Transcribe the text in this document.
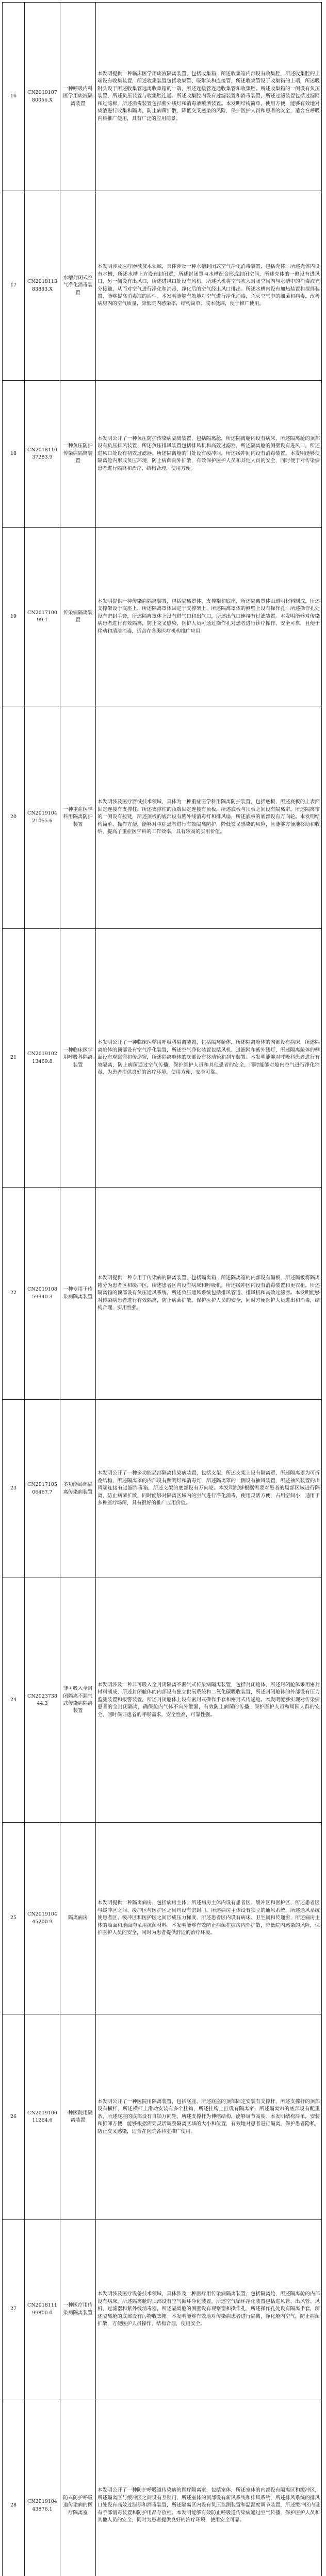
16	CN201910780056.X	一种呼吸内科医学用痰液隔离装置	本发明提供一种临床医学用痰液隔离装置，包括收集箱，所述收集箱内部设有收集腔，所述收集腔的上端设有收集装置，所述收集装置包括收集管、吸附头和连接管，所述收集管设于收集箱的上端，所述吸附头设于所述收集管远离收集箱的一端，所述连接管连通收集管和收集腔。所述收集箱的一侧设有负压装置，所述负压装置与收集腔连通。所述收集腔内设有过滤装置和消毒装置，所述过滤装置包括过滤网和过滤棉，所述消毒装置包括紫外线灯和消毒液喷洒装置。本发明结构简单，使用方便，能够有效地对痰液进行收集和隔离，防止病菌扩散，降低交叉感染的风险，保护医护人员和患者的安全，适合在呼吸内科推广使用，具有广泛的应用前景。

17	CN201811383883.X	水槽封闭式空气净化消毒装置	本发明涉及医疗器械技术领域，具体涉及一种水槽封闭式空气净化消毒装置，包括壳体，所述壳体内设有水槽，所述水槽上方设有封闭罩，所述封闭罩与水槽配合形成封闭空间，所述壳体的一侧设有进风口，另一侧设有出风口，所述进风口处设有风机，所述风机将空气吹入封闭空间内与水槽中的消毒液充分接触，从而对空气进行净化和消毒，净化后的空气经出风口排出。所述水槽内设有加热装置和搅拌装置，能够提高消毒液的活性。本发明能够有效地对空气进行净化消毒，杀灭空气中的细菌和病毒，改善病房内的空气质量，降低院内感染率，结构简单，成本低廉，便于推广使用。

18	CN201811037283.9	一种负压防护传染病隔离装置	本发明公开了一种负压防护传染病隔离装置，包括隔离舱，所述隔离舱内设有病床，所述隔离舱的顶部设有负压排风装置，所述负压排风装置包括排风机和高效过滤器，所述隔离舱的侧壁设有进风口，所述进风口处设有初效过滤器。所述隔离舱的门处设有缓冲间，所述缓冲间内设有消毒装置。本发明能够使隔离舱内形成负压环境，防止病菌向外扩散，有效保护医护人员和其他人员的安全，同时便于对传染病患者进行隔离和治疗，结构合理，使用方便。

19	CN201710099.1	传染病隔离装置	本发明提供一种传染病隔离装置，包括隔离罩体、支撑架和底座，所述隔离罩体由透明材料制成，所述支撑架设于底座上，所述隔离罩体固定于支撑架上，所述隔离罩体的侧壁上设有操作孔，所述操作孔处设有密封手套，所述隔离罩体上设有进气口和出气口，所述出气口连接有过滤装置。本发明能够对传染病患者进行有效隔离，防止交叉感染，医护人员可通过操作孔对患者进行诊疗操作，安全可靠，且便于移动和清洁消毒，适合在各类医疗机构推广应用。

20	CN201910421055.6	一种重症医学科用隔离防护装置	本发明涉及医疗器械技术领域，具体为一种重症医学科用隔离防护装置，包括底板，所述底板的上表面固定连接有支撑柱，所述支撑柱的顶端固定连接有顶板，所述底板与顶板之间设有隔离帘，所述隔离帘的一侧设有拉链，所述顶板的底部设有紫外线消毒灯和排风扇，所述底板的底部设有万向轮。本发明结构简单，操作方便，能够对重症患者进行有效隔离防护，降低交叉感染的风险，且能够方便地移动和收纳，提高了重症医学科的工作效率，具有较高的实用价值。

21	CN201910213469.8	一种临床医学用呼吸科隔离装置	本发明公开了一种临床医学用呼吸科隔离装置，包括隔离舱体，所述隔离舱体的内部设有病床，所述隔离舱体的顶部设有空气净化装置，所述空气净化装置包括风机、过滤网和紫外线灯，所述隔离舱体的侧面设有观察窗和传递窗，所述隔离舱体的底部设有移动轮和刹车装置。本发明能够对呼吸科患者进行有效隔离，防止病菌通过空气传播，保护医护人员和其他患者的安全，同时能够对舱内空气进行净化消毒，为患者提供良好的治疗环境，使用方便，安全可靠。

22	CN201910859940.3	一种专用于传染病隔离装置	本发明提供一种专用于传染病的隔离装置，包括隔离箱，所述隔离箱的内部设有隔板，所述隔板将隔离箱分为患者区和缓冲区，所述患者区内设有病床和呼吸机，所述缓冲区内设有消毒装置和更衣柜，所述隔离箱的顶部设有负压通风系统，所述负压通风系统包括排风管道、排风机和高效过滤器。本发明能够对传染病患者进行有效隔离，防止病菌扩散，保护医护人员的安全，同时方便医护人员进出和消毒，结构合理，实用性强。

23	CN201710506467.7	多功能局部隔离传染病装置	本发明公开了一种多功能局部隔离传染病装置，包括支架，所述支架上设有隔离罩，所述隔离罩为可折叠结构，所述隔离罩的内部设有照明灯和消毒灯，所述隔离罩的一侧设有抽风装置，所述抽风装置的出风端连接有过滤消毒箱，所述支架的底部设有万向轮。本发明能够根据需要对患者的局部区域进行隔离，防止病菌扩散，同时能够对隔离区域内的空气进行净化消毒，使用灵活方便，占用空间小，适用于多种医疗场所，具有很好的推广应用价值。

24	CN202373844.3	非可吸入全封闭隔离不漏气式传染病隔离装置	本发明涉及一种非可吸入全封闭隔离不漏气式传染病隔离装置，包括封闭舱体，所述封闭舱体采用密封材料制成，所述封闭舱体的内部设有独立供氧系统和二氧化碳吸收装置，所述封闭舱体的外部设有压力监测装置和报警装置，所述封闭舱体上设有密封式操作手套和密封式传递舱。本发明能够实现对传染病患者的全封闭隔离，确保舱内气体不向外泄漏，有效防止病菌的传播，保护医护人员和周围人群的安全，同时保证患者的呼吸需求，安全性高，可靠性强。

25	CN201910445200.9	隔离病房	本发明提供一种隔离病房，包括病房主体，所述病房主体内设有患者区、缓冲区和医护区，所述患者区与缓冲区之间、缓冲区与医护区之间均设有密封门，所述病房主体设有独立的通风系统，所述通风系统使患者区、缓冲区和医护区之间形成压力梯度，所述患者区内设有病床、卫生间和传递窗，所述病房主体的墙面和地面均采用抗菌材料。本发明能够有效防止病菌在病房内外扩散，降低院内感染的风险，保护医护人员的安全，同时为患者提供舒适的治疗环境。

26	CN201910611264.6	一种医院用隔离装置	本发明公开了一种医院用隔离装置，包括底座，所述底座的顶部固定安装有支撑杆，所述支撑杆的顶部设有横杆，所述横杆上滑动安装有多个挂钩，所述挂钩上挂设有隔离帘，所述隔离帘的底部设有配重条，所述底座的底部设有自锁万向轮，所述支撑杆为伸缩结构，能够调节高度。本发明结构简单，安装和拆卸方便，能够根据需要灵活调整隔离区域的大小和位置，有效地对患者进行隔离，保护患者隐私，防止交叉感染，适合在医院各科室推广使用。

27	CN201811199800.0	一种医疗用传染病隔离装置	本发明涉及医疗设备技术领域，具体涉及一种医疗用传染病隔离装置，包括隔离舱，所述隔离舱的内部设有病床，所述隔离舱的顶部设有空气循环净化装置，所述空气循环净化装置包括进风管、出风管、风机、过滤器和紫外线消毒器，所述隔离舱的侧壁设有观察窗和操作孔，所述操作孔处设有隔离手套，所述隔离舱的底部设有污物收集箱。本发明能够有效地对传染病患者进行隔离，净化舱内空气，防止病菌扩散，方便医护人员操作，结构合理，使用安全。

28	CN201910443876.1	防式防护呼吸道传染病的医疗隔离室	本发明公开了一种防护呼吸道传染病的医疗隔离室，包括室体，所述室体的内部设有隔离区和缓冲区，所述隔离区与缓冲区之间设有互锁门，所述室体的顶部设有新风系统和排风系统，所述排风系统的排风口处设有高效过滤器和消毒装置，所述隔离区内设有负压监测装置和温湿度调节装置，所述缓冲区内设有手部消毒装置和防护用品存放柜。本发明能够有效防止呼吸道传染病通过空气传播，保护医护人员和其他人员的安全，同时为患者提供良好的治疗环境，使用安全可靠。
